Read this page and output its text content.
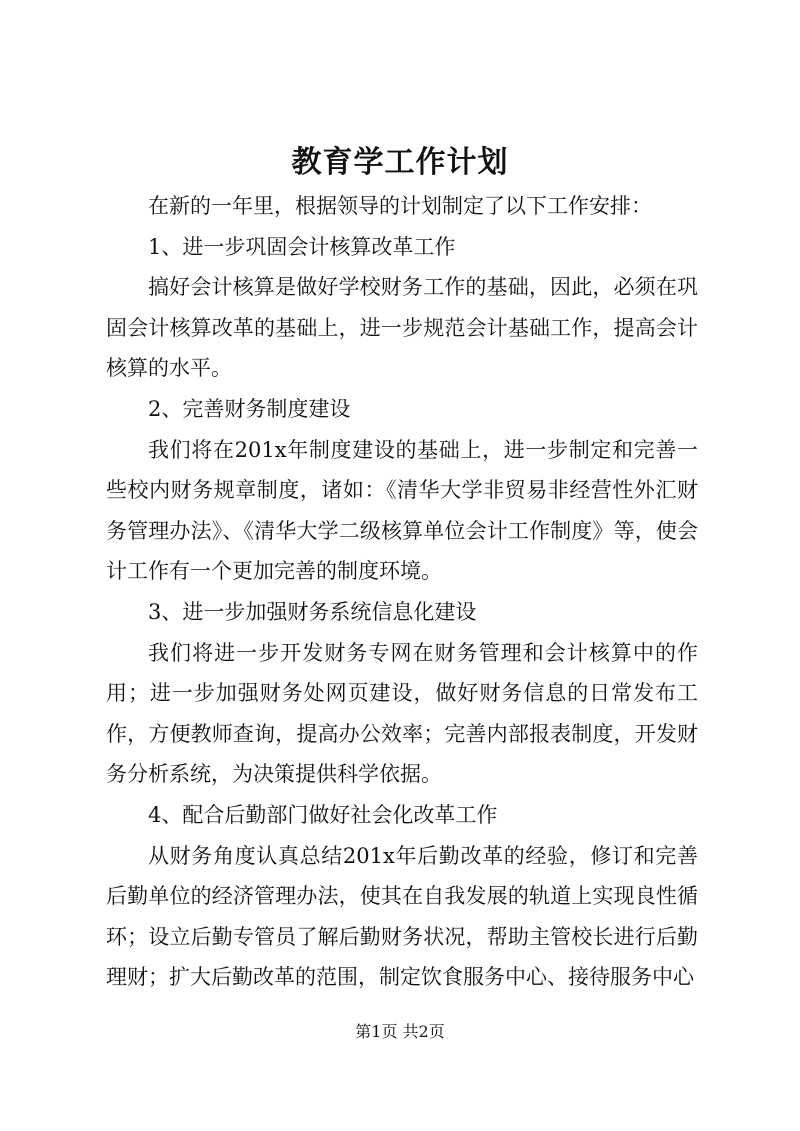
教育学工作计划

在新的一年里，根据领导的计划制定了以下工作安排：

1、进一步巩固会计核算改革工作

搞好会计核算是做好学校财务工作的基础，因此，必须在巩固会计核算改革的基础上，进一步规范会计基础工作，提高会计核算的水平。

2、完善财务制度建设

我们将在201x年制度建设的基础上，进一步制定和完善一些校内财务规章制度，诸如：《清华大学非贸易非经营性外汇财务管理办法》、《清华大学二级核算单位会计工作制度》等，使会计工作有一个更加完善的制度环境。

3、进一步加强财务系统信息化建设

我们将进一步开发财务专网在财务管理和会计核算中的作用；进一步加强财务处网页建设，做好财务信息的日常发布工作，方便教师查询，提高办公效率；完善内部报表制度，开发财务分析系统，为决策提供科学依据。

4、配合后勤部门做好社会化改革工作

从财务角度认真总结201x年后勤改革的经验，修订和完善后勤单位的经济管理办法，使其在自我发展的轨道上实现良性循环；设立后勤专管员了解后勤财务状况，帮助主管校长进行后勤理财；扩大后勤改革的范围，制定饮食服务中心、接待服务中心

第1页 共2页
